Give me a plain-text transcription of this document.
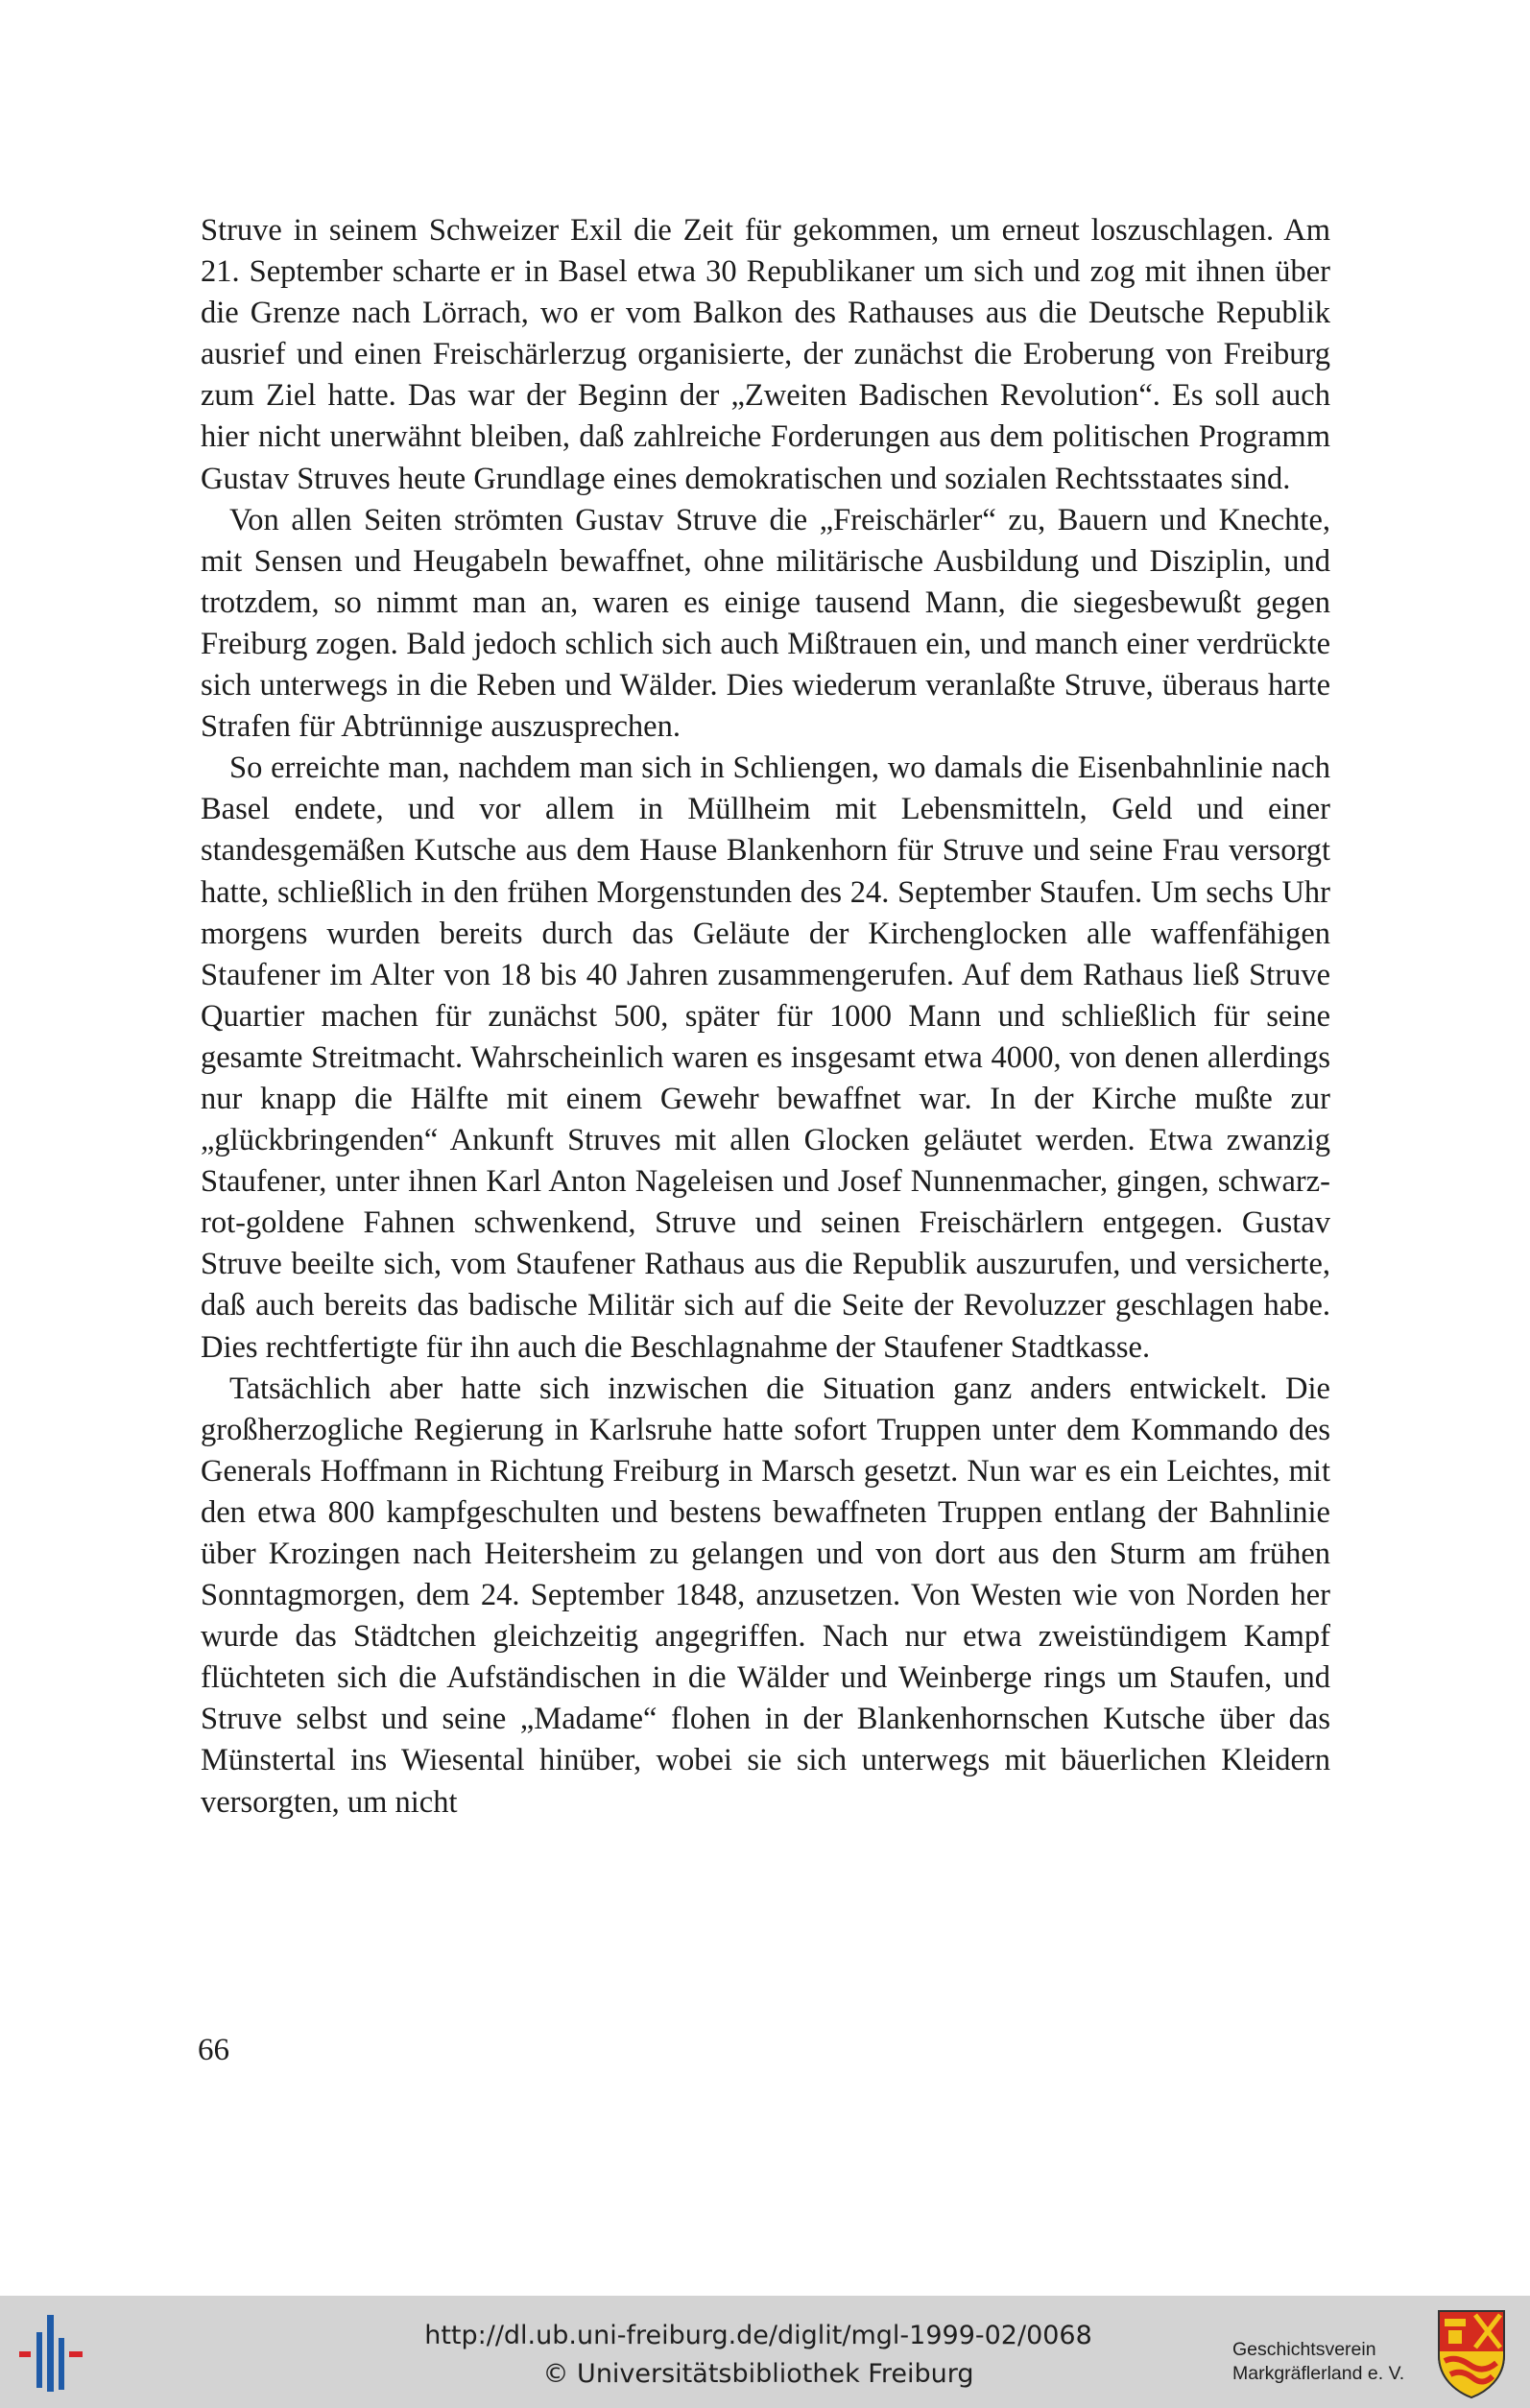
Struve in seinem Schweizer Exil die Zeit für gekommen, um erneut loszuschlagen. Am 21. September scharte er in Basel etwa 30 Republikaner um sich und zog mit ihnen über die Grenze nach Lörrach, wo er vom Balkon des Rathauses aus die Deutsche Republik ausrief und einen Freischärlerzug organisierte, der zunächst die Eroberung von Freiburg zum Ziel hatte. Das war der Beginn der „Zweiten Badischen Revolution“. Es soll auch hier nicht unerwähnt bleiben, daß zahlreiche Forderungen aus dem politischen Programm Gustav Struves heute Grundlage eines demokratischen und sozialen Rechtsstaates sind.

Von allen Seiten strömten Gustav Struve die „Freischärler“ zu, Bauern und Knechte, mit Sensen und Heugabeln bewaffnet, ohne militärische Ausbildung und Disziplin, und trotzdem, so nimmt man an, waren es einige tausend Mann, die siegesbewußt gegen Freiburg zogen. Bald jedoch schlich sich auch Mißtrauen ein, und manch einer verdrückte sich unterwegs in die Reben und Wälder. Dies wiederum veranlaßte Struve, überaus harte Strafen für Abtrünnige auszusprechen.

So erreichte man, nachdem man sich in Schliengen, wo damals die Eisenbahnlinie nach Basel endete, und vor allem in Müllheim mit Lebensmitteln, Geld und einer standesgemäßen Kutsche aus dem Hause Blankenhorn für Struve und seine Frau versorgt hatte, schließlich in den frühen Morgenstunden des 24. September Staufen. Um sechs Uhr morgens wurden bereits durch das Geläute der Kirchenglocken alle waffenfähigen Staufener im Alter von 18 bis 40 Jahren zusammengerufen. Auf dem Rathaus ließ Struve Quartier machen für zunächst 500, später für 1000 Mann und schließlich für seine gesamte Streitmacht. Wahrscheinlich waren es insgesamt etwa 4000, von denen allerdings nur knapp die Hälfte mit einem Gewehr bewaffnet war. In der Kirche mußte zur „glückbringenden“ Ankunft Struves mit allen Glocken geläutet werden. Etwa zwanzig Staufener, unter ihnen Karl Anton Nageleisen und Josef Nunnenmacher, gingen, schwarz-rot-goldene Fahnen schwenkend, Struve und seinen Freischärlern entgegen. Gustav Struve beeilte sich, vom Staufener Rathaus aus die Republik auszurufen, und versicherte, daß auch bereits das badische Militär sich auf die Seite der Revoluzzer geschlagen habe. Dies rechtfertigte für ihn auch die Beschlagnahme der Staufener Stadtkasse.

Tatsächlich aber hatte sich inzwischen die Situation ganz anders entwickelt. Die großherzogliche Regierung in Karlsruhe hatte sofort Truppen unter dem Kommando des Generals Hoffmann in Richtung Freiburg in Marsch gesetzt. Nun war es ein Leichtes, mit den etwa 800 kampfgeschulten und bestens bewaffneten Truppen entlang der Bahnlinie über Krozingen nach Heitersheim zu gelangen und von dort aus den Sturm am frühen Sonntagmorgen, dem 24. September 1848, anzusetzen. Von Westen wie von Norden her wurde das Städtchen gleichzeitig angegriffen. Nach nur etwa zweistündigem Kampf flüchteten sich die Aufständischen in die Wälder und Weinberge rings um Staufen, und Struve selbst und seine „Madame“ flohen in der Blankenhornschen Kutsche über das Münstertal ins Wiesental hinüber, wobei sie sich unterwegs mit bäuerlichen Kleidern versorgten, um nicht

66
http://dl.ub.uni-freiburg.de/diglit/mgl-1999-02/0068
© Universitätsbibliothek Freiburg
Geschichtsverein
Markgräflerland e. V.
